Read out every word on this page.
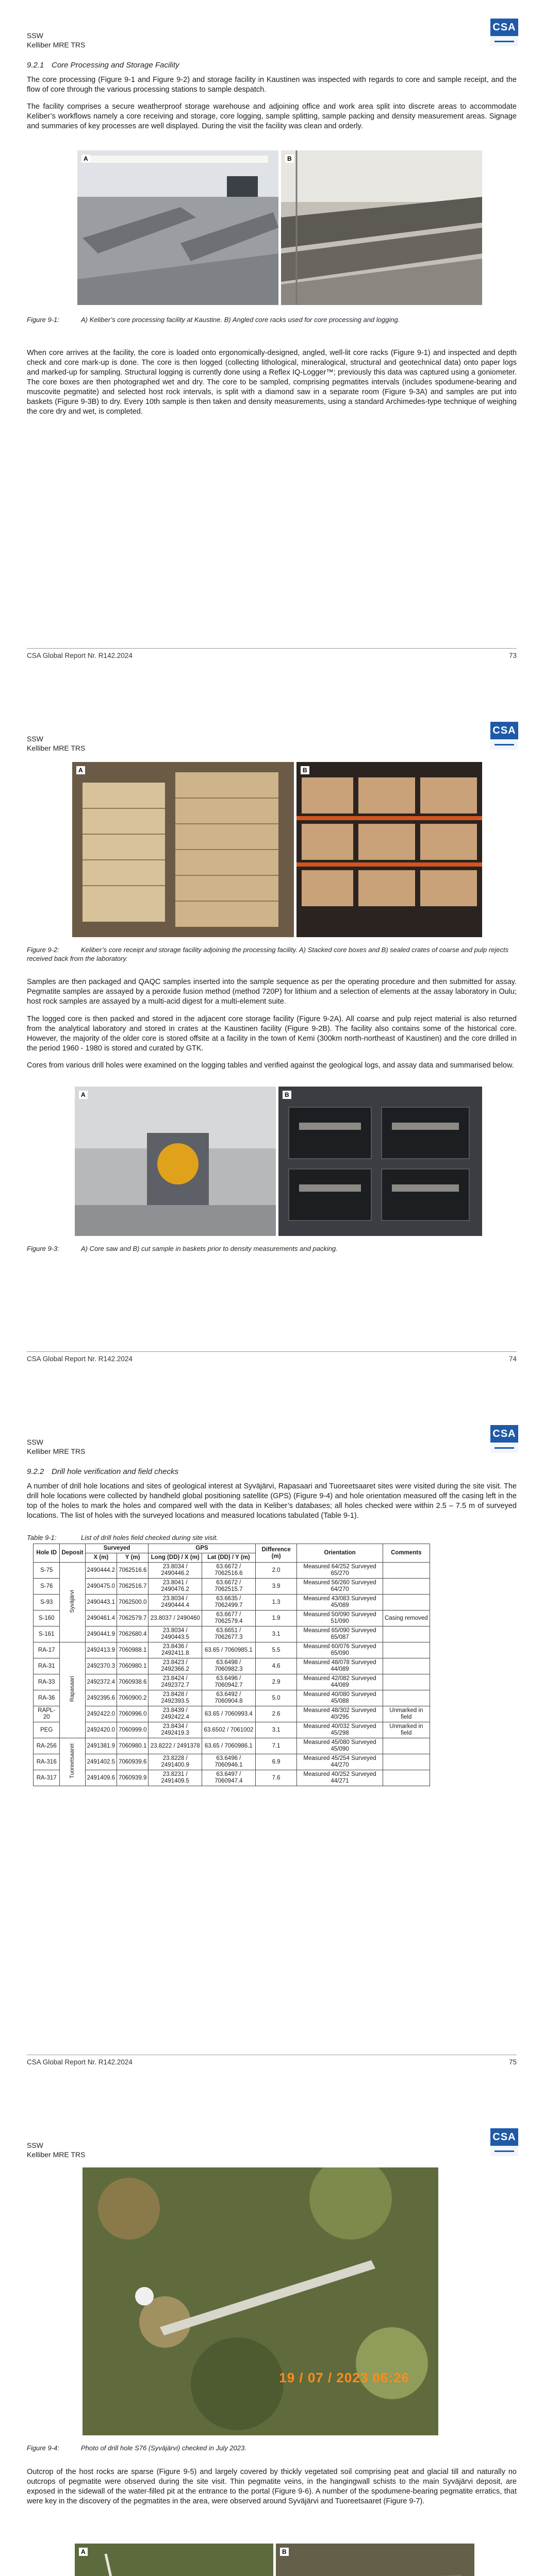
SSW
Kelliber MRE TRS
CSA
9.2.1 Core Processing and Storage Facility
The core processing (Figure 9-1 and Figure 9-2) and storage facility in Kaustinen was inspected with regards to core and sample receipt, and the flow of core through the various processing stations to sample despatch.
The facility comprises a secure weatherproof storage warehouse and adjoining office and work area split into discrete areas to accommodate Keliber’s workflows namely a core receiving and storage, core logging, sample splitting, sample packing and density measurement areas. Signage and summaries of key processes are well displayed. During the visit the facility was clean and orderly.
A	B
Figure 9-1:	A) Keliber’s core processing facility at Kaustine. B) Angled core racks used for core processing and logging.
When core arrives at the facility, the core is loaded onto ergonomically-designed, angled, well-lit core racks (Figure 9-1) and inspected and depth check and core mark-up is done. The core is then logged (collecting lithological, mineralogical, structural and geotechnical data) onto paper logs and marked-up for sampling. Structural logging is currently done using a Reflex IQ-Logger™; previously this data was captured using a goniometer. The core boxes are then photographed wet and dry. The core to be sampled, comprising pegmatites intervals (includes spodumene-bearing and muscovite pegmatite) and selected host rock intervals, is split with a diamond saw in a separate room (Figure 9-3A) and samples are put into baskets (Figure 9-3B) to dry. Every 10th sample is then taken and density measurements, using a standard Archimedes-type technique of weighing the core dry and wet, is completed.
CSA Global Report Nr. R142.2024	73
SSW
Kelliber MRE TRS
CSA
A	B
Figure 9-2:	Keliber’s core receipt and storage facility adjoining the processing facility. A) Stacked core boxes and B) sealed crates of coarse and pulp rejects received back from the laboratory.
Samples are then packaged and QAQC samples inserted into the sample sequence as per the operating procedure and then submitted for assay. Pegmatite samples are assayed by a peroxide fusion method (method 720P) for lithium and a selection of elements at the assay laboratory in Oulu; host rock samples are assayed by a multi-acid digest for a multi-element suite.
The logged core is then packed and stored in the adjacent core storage facility (Figure 9-2A). All coarse and pulp reject material is also returned from the analytical laboratory and stored in crates at the Kaustinen facility (Figure 9-2B). The facility also contains some of the historical core. However, the majority of the older core is stored offsite at a facility in the town of Kemi (300km north-northeast of Kaustinen) and the core drilled in the period 1960 - 1980 is stored and curated by GTK.
Cores from various drill holes were examined on the logging tables and verified against the geological logs, and assay data and summarised below.
A	B
Figure 9-3:	A) Core saw and B) cut sample in baskets prior to density measurements and packing.
CSA Global Report Nr. R142.2024	74
SSW
Kelliber MRE TRS
CSA
9.2.2 Drill hole verification and field checks
A number of drill hole locations and sites of geological interest at Syväjärvi, Rapasaari and Tuoreetsaaret sites were visited during the site visit. The drill hole locations were collected by handheld global positioning satellite (GPS) (Figure 9-4) and hole orientation measured off the casing left in the top of the holes to mark the holes and compared well with the data in Keliber’s databases; all holes checked were within 2.5 – 7.5 m of surveyed locations. The list of holes with the surveyed locations and measured locations tabulated (Table 9-1).
Table 9-1:	List of drill holes field checked during site visit.
Hole ID	Deposit	Surveyed		GPS		Difference (m)	Orientation	Comments
		X (m)	Y (m)	Long (DD) / X (m)	Lat (DD) / Y (m)			
S-75	Syväjärvi	2490444.2	7062516.6	23.8034 / 2490446.2	63.6672 / 7062516.6	2.0	Measured 64/252 Surveyed 65/270	
S-76		2490475.0	7062516.7	23.8041 / 2490476.2	63.6672 / 7062515.7	3.9	Measured 56/260 Surveyed 64/270	
S-93		2490443.1	7062500.0	23.8034 / 2490444.4	63.6635 / 7062499.7	1.3	Measured 43/083 Surveyed 45/089	
S-160		2490461.4	7062579.7	23.8037 / 2490460	63.6677 / 7062579.4	1.9	Measured 50/090 Surveyed 51/090	Casing removed
S-161		2490441.9	7062680.4	23.8034 / 2490443.5	63.6651 / 7062677.3	3.1	Measured 65/090 Surveyed 65/087	
RA-17	Rapasaari	2492413.9	7060988.1	23.8436 / 2492411.8	63.65 / 7060985.1	5.5	Measured 60/076 Surveyed 65/090	
RA-31		2492370.3	7060980.1	23.8423 / 2492366.2	63.6498 / 7060982.3	4.6	Measured 48/078 Surveyed 44/089	
RA-33		2492372.4	7060938.6	23.8424 / 2492372.7	63.6496 / 7060942.7	2.9	Measured 42/082 Surveyed 44/089	
RA-36		2492395.6	7060900.2	23.8428 / 2492393.5	63.6492 / 7060904.8	5.0	Measured 40/080 Surveyed 45/088	
RAPL-20		2492422.0	7060996.0	23.8439 / 2492422.4	63.65 / 7060993.4	2.6	Measured 48/302 Surveyed 40/295	Unmarked in field
PEG		2492420.0	7060999.0	23.8434 / 2492419.3	63.6502 / 7061002	3.1	Measured 40/032 Surveyed 45/298	Unmarked in field
RA-256	Tuoreetsaaret	2491381.9	7060980.1	23.8222 / 2491378	63.65 / 7060986.1	7.1	Measured 45/080 Surveyed 45/090	
RA-316		2491402.5	7060939.6	23.8228 / 2491400.9	63.6496 / 7060946.1	6.9	Measured 45/254 Surveyed 44/270	
RA-317		2491409.6	7060939.9	23.8231 / 2491409.5	63.6497 / 7060947.4	7.6	Measured 40/252 Surveyed 44/271	
CSA Global Report Nr. R142.2024	75
SSW
Kelliber MRE TRS
CSA
19 / 07 / 2023 06:26
Figure 9-4:	Photo of drill hole S76 (Syväjärvi) checked in July 2023.
Outcrop of the host rocks are sparse (Figure 9-5) and largely covered by thickly vegetated soil comprising peat and glacial till and naturally no outcrops of pegmatite were observed during the site visit. Thin pegmatite veins, in the hangingwall schists to the main Syväjärvi deposit, are exposed in the sidewall of the water-filled pit at the entrance to the portal (Figure 9-6). A number of the spodumene-bearing pegmatite erratics, that were key in the discovery of the pegmatites in the area, were observed around Syväjärvi and Tuoreetsaaret (Figure 9-7).
A	B
